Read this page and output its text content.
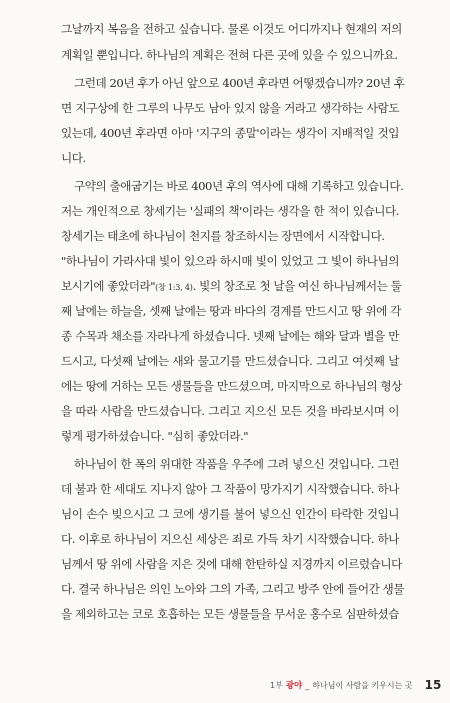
그날까지 복음을 전하고 싶습니다. 물론 이것도 어디까지나 현재의 저의
계획일 뿐입니다. 하나님의 계획은 전혀 다른 곳에 있을 수 있으니까요.
그런데 20년 후가 아닌 앞으로 400년 후라면 어떻겠습니까? 20년 후
면 지구상에 한 그루의 나무도 남아 있지 않을 거라고 생각하는 사람도
있는데, 400년 후라면 아마 '지구의 종말'이라는 생각이 지배적일 것입
니다.
구약의 출애굽기는 바로 400년 후의 역사에 대해 기록하고 있습니다.
저는 개인적으로 창세기는 '실패의 책'이라는 생각을 한 적이 있습니다.
창세기는 태초에 하나님이 천지를 창조하시는 장면에서 시작합니다.
"하나님이 가라사대 빛이 있으라 하시매 빛이 있었고 그 빛이 하나님의
보시기에 좋았더라"(창 1:3, 4). 빛의 창조로 첫 날을 여신 하나님께서는 둘
째 날에는 하늘을, 셋째 날에는 땅과 바다의 경계를 만드시고 땅 위에 각
종 수목과 채소를 자라나게 하셨습니다. 넷째 날에는 해와 달과 별을 만
드시고, 다섯째 날에는 새와 물고기를 만드셨습니다. 그리고 여섯째 날
에는 땅에 거하는 모든 생물들을 만드셨으며, 마지막으로 하나님의 형상
을 따라 사람을 만드셨습니다. 그리고 지으신 모든 것을 바라보시며 이
렇게 평가하셨습니다. "심히 좋았더라."
하나님이 한 폭의 위대한 작품을 우주에 그려 넣으신 것입니다. 그런
데 불과 한 세대도 지나지 않아 그 작품이 망가지기 시작했습니다. 하나
님이 손수 빚으시고 그 코에 생기를 불어 넣으신 인간이 타락한 것입니
다. 이후로 하나님이 지으신 세상은 죄로 가득 차기 시작했습니다. 하나
님께서 땅 위에 사람을 지은 것에 대해 한탄하실 지경까지 이르렀습니다
다. 결국 하나님은 의인 노아와 그의 가족, 그리고 방주 안에 들어간 생물
을 제외하고는 코로 호흡하는 모든 생물들을 무서운 홍수로 심판하셨습
1부 광야 _ 하나님이 사람을 키우시는 곳 15
